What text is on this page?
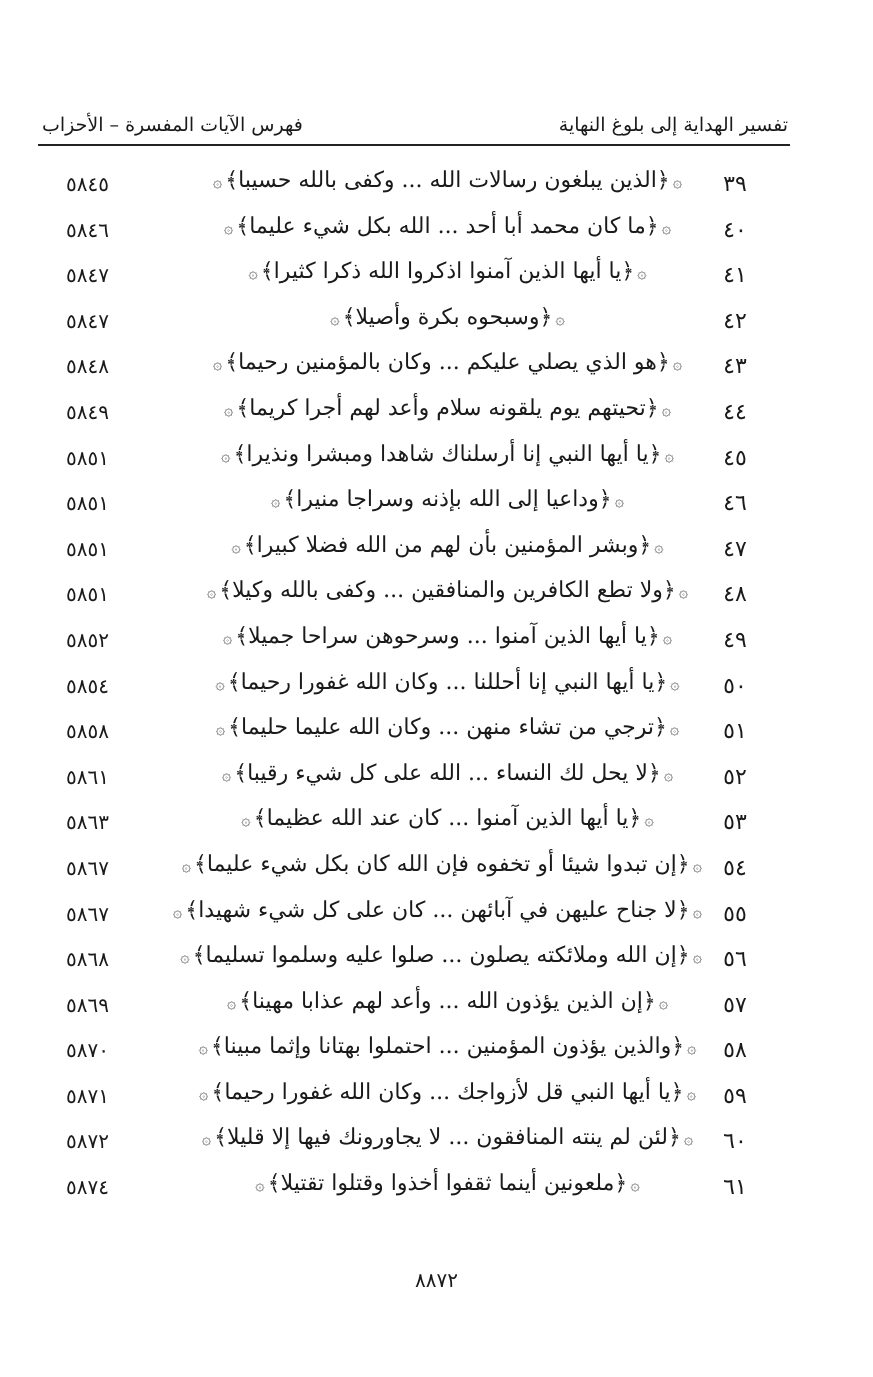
تفسير الهداية إلى بلوغ النهاية
فهرس الآيات المفسرة – الأحزاب
٣٩
۞﴿الذين يبلغون رسالات الله ... وكفى بالله حسيبا﴾۞
٥٨٤٥
٤٠
۞﴿ما كان محمد أبا أحد ... الله بكل شيء عليما﴾۞
٥٨٤٦
٤١
۞﴿يا أيها الذين آمنوا اذكروا الله ذكرا كثيرا﴾۞
٥٨٤٧
٤٢
۞﴿وسبحوه بكرة وأصيلا﴾۞
٥٨٤٧
٤٣
۞﴿هو الذي يصلي عليكم ... وكان بالمؤمنين رحيما﴾۞
٥٨٤٨
٤٤
۞﴿تحيتهم يوم يلقونه سلام وأعد لهم أجرا كريما﴾۞
٥٨٤٩
٤٥
۞﴿يا أيها النبي إنا أرسلناك شاهدا ومبشرا ونذيرا﴾۞
٥٨٥١
٤٦
۞﴿وداعيا إلى الله بإذنه وسراجا منيرا﴾۞
٥٨٥١
٤٧
۞﴿وبشر المؤمنين بأن لهم من الله فضلا كبيرا﴾۞
٥٨٥١
٤٨
۞﴿ولا تطع الكافرين والمنافقين ... وكفى بالله وكيلا﴾۞
٥٨٥١
٤٩
۞﴿يا أيها الذين آمنوا ... وسرحوهن سراحا جميلا﴾۞
٥٨٥٢
٥٠
۞﴿يا أيها النبي إنا أحللنا ... وكان الله غفورا رحيما﴾۞
٥٨٥٤
٥١
۞﴿ترجي من تشاء منهن ... وكان الله عليما حليما﴾۞
٥٨٥٨
٥٢
۞﴿لا يحل لك النساء ... الله على كل شيء رقيبا﴾۞
٥٨٦١
٥٣
۞﴿يا أيها الذين آمنوا ... كان عند الله عظيما﴾۞
٥٨٦٣
٥٤
۞﴿إن تبدوا شيئا أو تخفوه فإن الله كان بكل شيء عليما﴾۞
٥٨٦٧
٥٥
۞﴿لا جناح عليهن في آبائهن ... كان على كل شيء شهيدا﴾۞
٥٨٦٧
٥٦
۞﴿إن الله وملائكته يصلون ... صلوا عليه وسلموا تسليما﴾۞
٥٨٦٨
٥٧
۞﴿إن الذين يؤذون الله ... وأعد لهم عذابا مهينا﴾۞
٥٨٦٩
٥٨
۞﴿والذين يؤذون المؤمنين ... احتملوا بهتانا وإثما مبينا﴾۞
٥٨٧٠
٥٩
۞﴿يا أيها النبي قل لأزواجك ... وكان الله غفورا رحيما﴾۞
٥٨٧١
٦٠
۞﴿لئن لم ينته المنافقون ... لا يجاورونك فيها إلا قليلا﴾۞
٥٨٧٢
٦١
۞﴿ملعونين أينما ثقفوا أخذوا وقتلوا تقتيلا﴾۞
٥٨٧٤
٨٨٧٢
